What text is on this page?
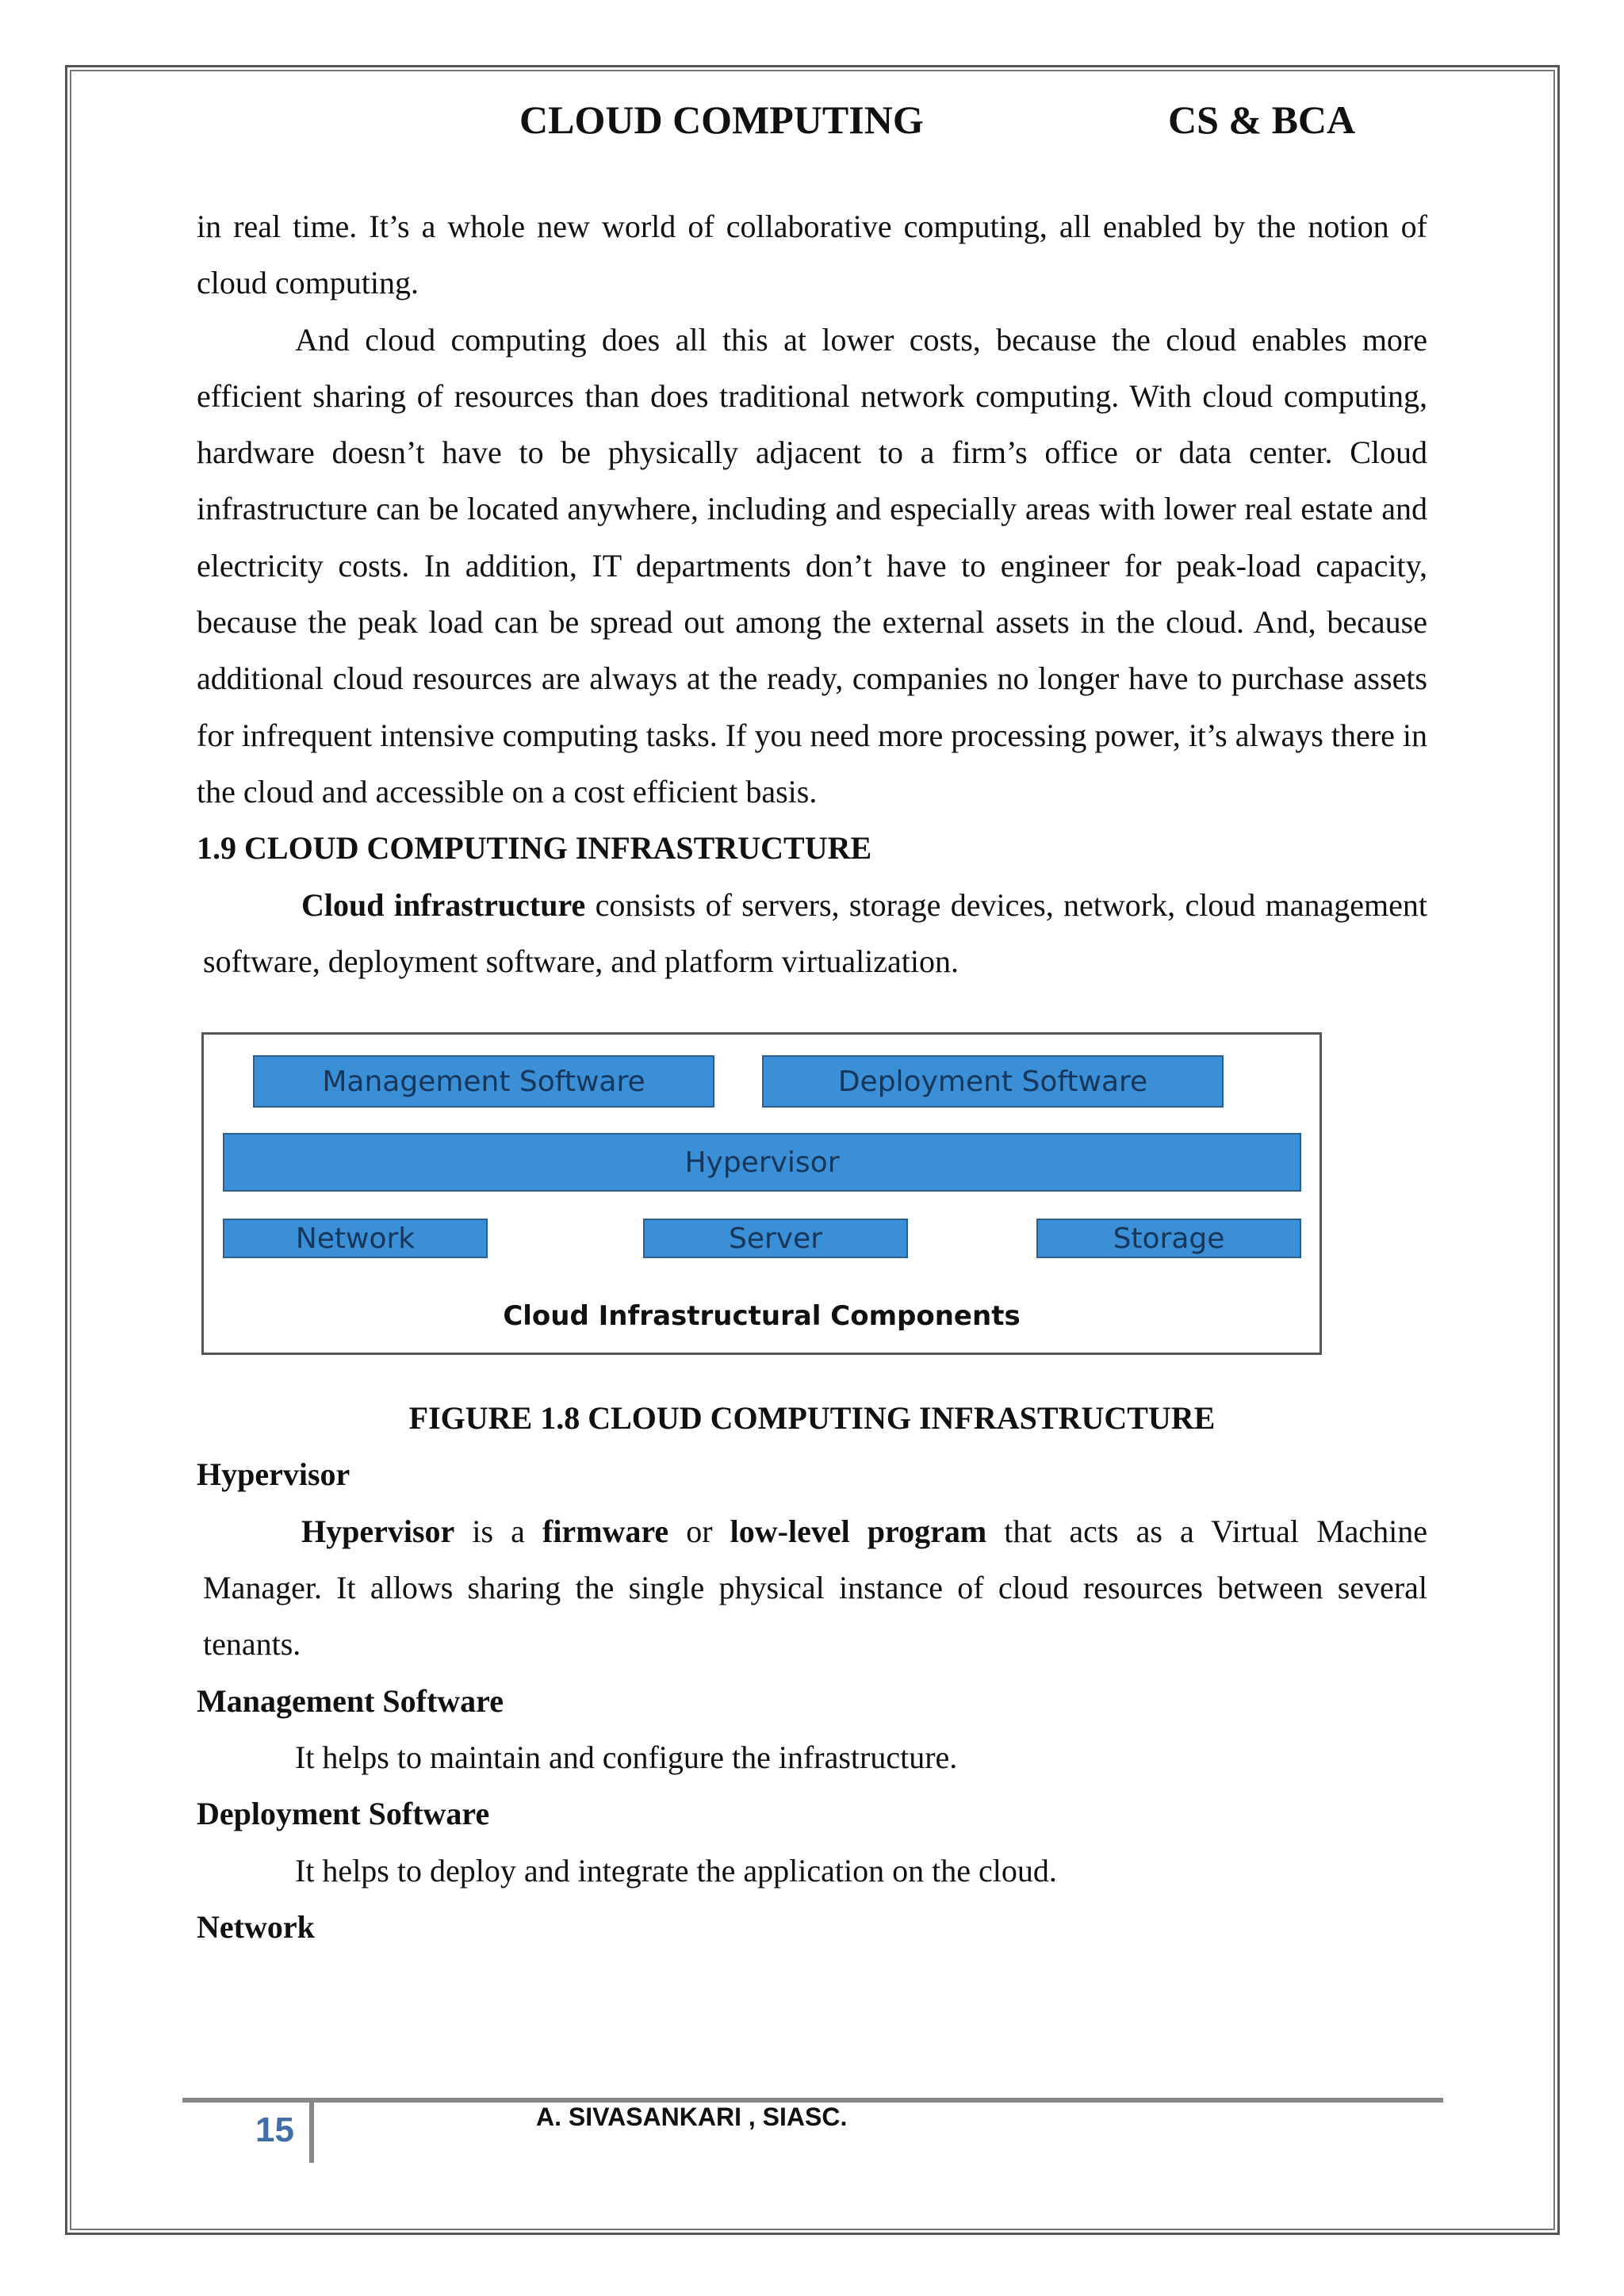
CLOUD COMPUTING	CS & BCA

in real time. It’s a whole new world of collaborative computing, all enabled by the notion of cloud computing.

And cloud computing does all this at lower costs, because the cloud enables more efficient sharing of resources than does traditional network computing. With cloud computing, hardware doesn’t have to be physically adjacent to a firm’s office or data center. Cloud infrastructure can be located anywhere, including and especially areas with lower real estate and electricity costs. In addition, IT departments don’t have to engineer for peak-load capacity, because the peak load can be spread out among the external assets in the cloud. And, because additional cloud resources are always at the ready, companies no longer have to purchase assets for infrequent intensive computing tasks. If you need more processing power, it’s always there in the cloud and accessible on a cost efficient basis.

1.9 CLOUD COMPUTING INFRASTRUCTURE

Cloud infrastructure consists of servers, storage devices, network, cloud management software, deployment software, and platform virtualization.

Management Software	Deployment Software
Hypervisor
Network	Server	Storage
Cloud Infrastructural Components

FIGURE 1.8 CLOUD COMPUTING INFRASTRUCTURE

Hypervisor

Hypervisor is a firmware or low-level program that acts as a Virtual Machine Manager. It allows sharing the single physical instance of cloud resources between several tenants.

Management Software

It helps to maintain and configure the infrastructure.

Deployment Software

It helps to deploy and integrate the application on the cloud.

Network

15	A. SIVASANKARI , SIASC.
